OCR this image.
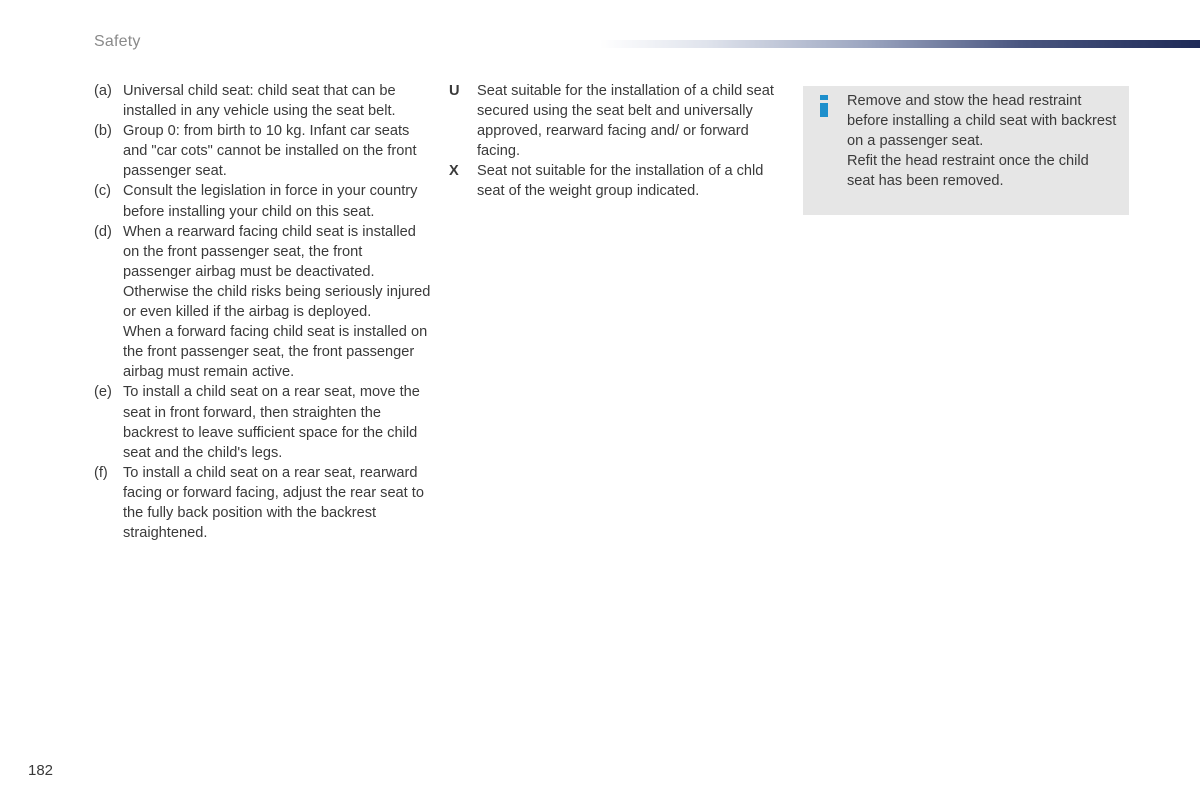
Safety
(a) Universal child seat: child seat that can be installed in any vehicle using the seat belt.
(b) Group 0: from birth to 10 kg. Infant car seats and "car cots" cannot be installed on the front passenger seat.
(c) Consult the legislation in force in your country before installing your child on this seat.
(d) When a rearward facing child seat is installed on the front passenger seat, the front passenger airbag must be deactivated. Otherwise the child risks being seriously injured or even killed if the airbag is deployed.
When a forward facing child seat is installed on the front passenger seat, the front passenger airbag must remain active.
(e) To install a child seat on a rear seat, move the seat in front forward, then straighten the backrest to leave sufficient space for the child seat and the child's legs.
(f)	To install a child seat on a rear seat, rearward facing or forward facing, adjust the rear seat to the fully back position with the backrest straightened.
U	Seat suitable for the installation of a child seat secured using the seat belt and universally approved, rearward facing and/ or forward facing.
X	Seat not suitable for the installation of a chld seat of the weight group indicated.
Remove and stow the head restraint before installing a child seat with backrest on a passenger seat.
Refit the head restraint once the child seat has been removed.
182
